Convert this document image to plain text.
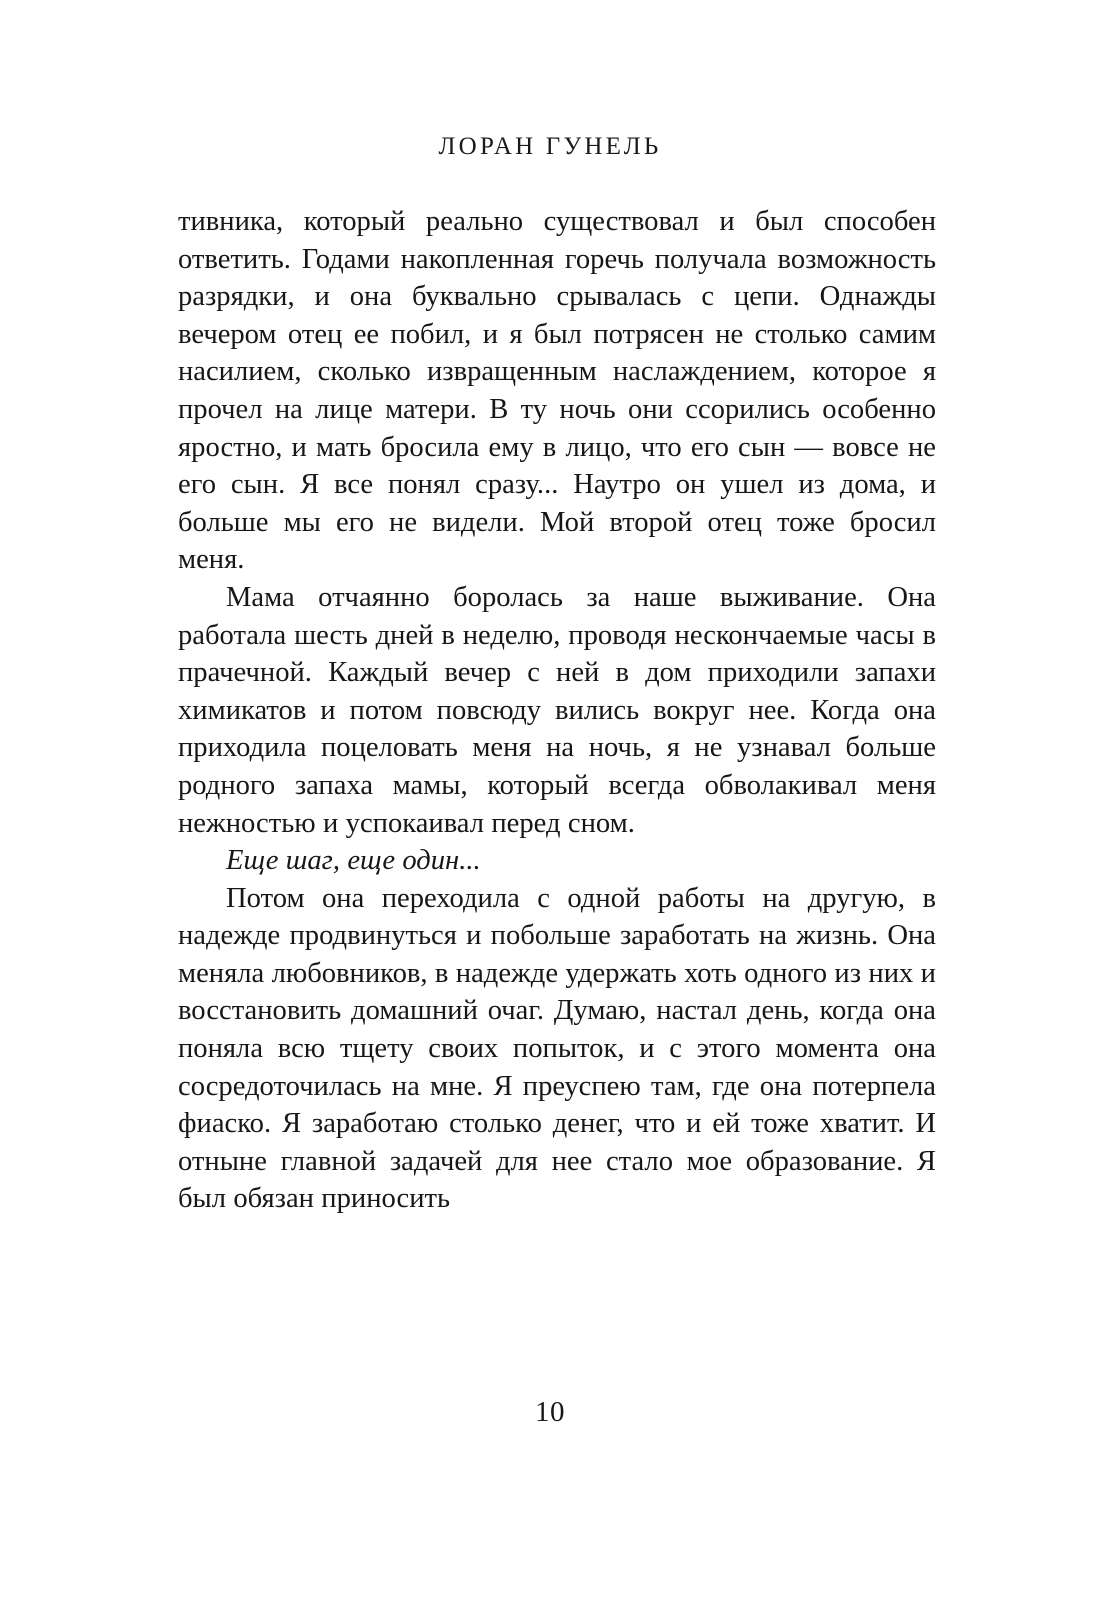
ЛОРАН ГУНЕЛЬ

тивника, который реально существовал и был способен ответить. Годами накопленная горечь получала возможность разрядки, и она буквально срывалась с цепи. Однажды вечером отец ее побил, и я был потрясен не столько самим насилием, сколько извращенным наслаждением, которое я прочел на лице матери. В ту ночь они ссорились особенно яростно, и мать бросила ему в лицо, что его сын — вовсе не его сын. Я все понял сразу... Наутро он ушел из дома, и больше мы его не видели. Мой второй отец тоже бросил меня.

Мама отчаянно боролась за наше выживание. Она работала шесть дней в неделю, проводя нескончаемые часы в прачечной. Каждый вечер с ней в дом приходили запахи химикатов и потом повсюду вились вокруг нее. Когда она приходила поцеловать меня на ночь, я не узнавал больше родного запаха мамы, который всегда обволакивал меня нежностью и успокаивал перед сном.

Еще шаг, еще один...

Потом она переходила с одной работы на другую, в надежде продвинуться и побольше заработать на жизнь. Она меняла любовников, в надежде удержать хоть одного из них и восстановить домашний очаг. Думаю, настал день, когда она поняла всю тщету своих попыток, и с этого момента она сосредоточилась на мне. Я преуспею там, где она потерпела фиаско. Я заработаю столько денег, что и ей тоже хватит. И отныне главной задачей для нее стало мое образование. Я был обязан приносить

10
